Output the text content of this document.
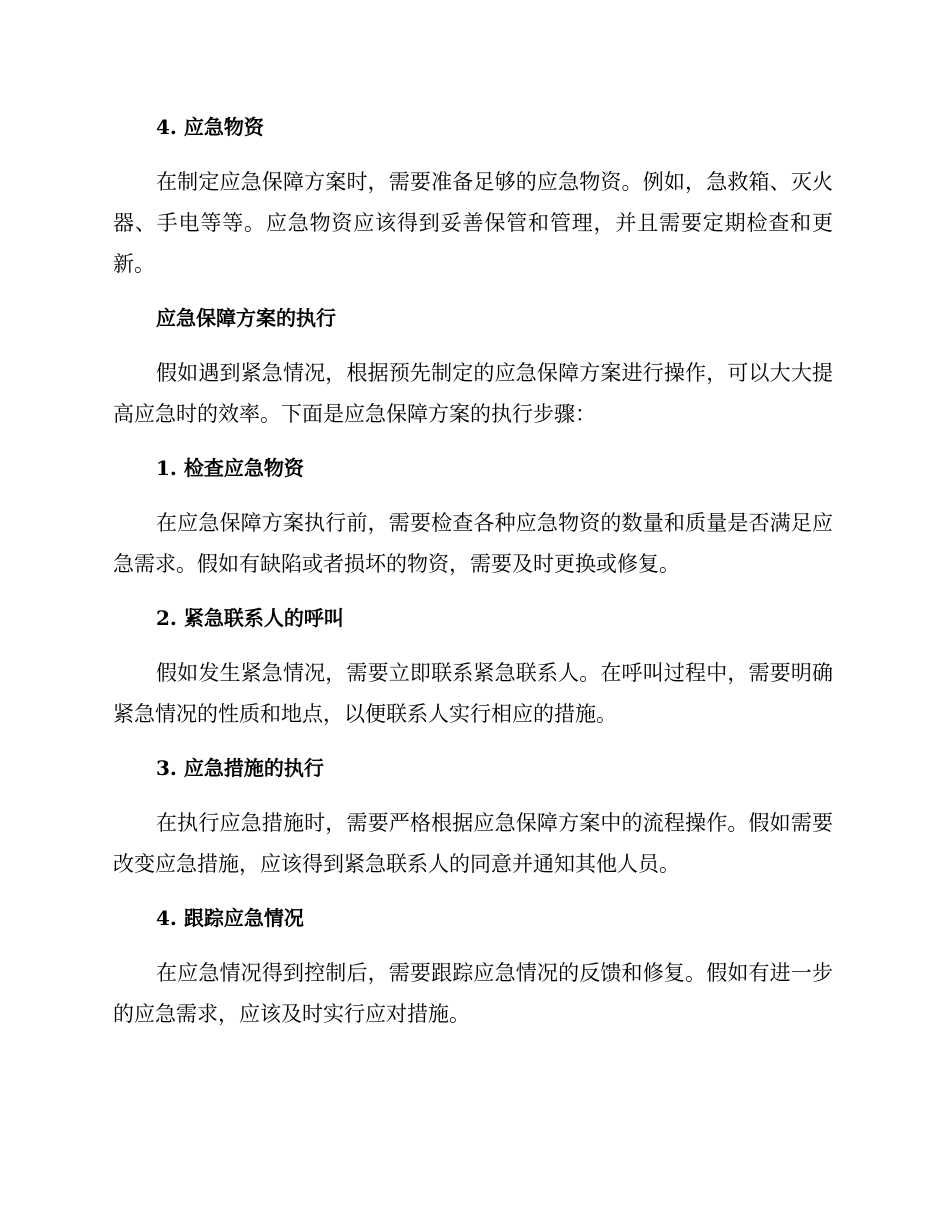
4. 应急物资

在制定应急保障方案时，需要准备足够的应急物资。例如，急救箱、灭火器、手电等等。应急物资应该得到妥善保管和管理，并且需要定期检查和更新。

应急保障方案的执行

假如遇到紧急情况，根据预先制定的应急保障方案进行操作，可以大大提高应急时的效率。下面是应急保障方案的执行步骤：

1. 检查应急物资

在应急保障方案执行前，需要检查各种应急物资的数量和质量是否满足应急需求。假如有缺陷或者损坏的物资，需要及时更换或修复。

2. 紧急联系人的呼叫

假如发生紧急情况，需要立即联系紧急联系人。在呼叫过程中，需要明确紧急情况的性质和地点，以便联系人实行相应的措施。

3. 应急措施的执行

在执行应急措施时，需要严格根据应急保障方案中的流程操作。假如需要改变应急措施，应该得到紧急联系人的同意并通知其他人员。

4. 跟踪应急情况

在应急情况得到控制后，需要跟踪应急情况的反馈和修复。假如有进一步的应急需求，应该及时实行应对措施。
